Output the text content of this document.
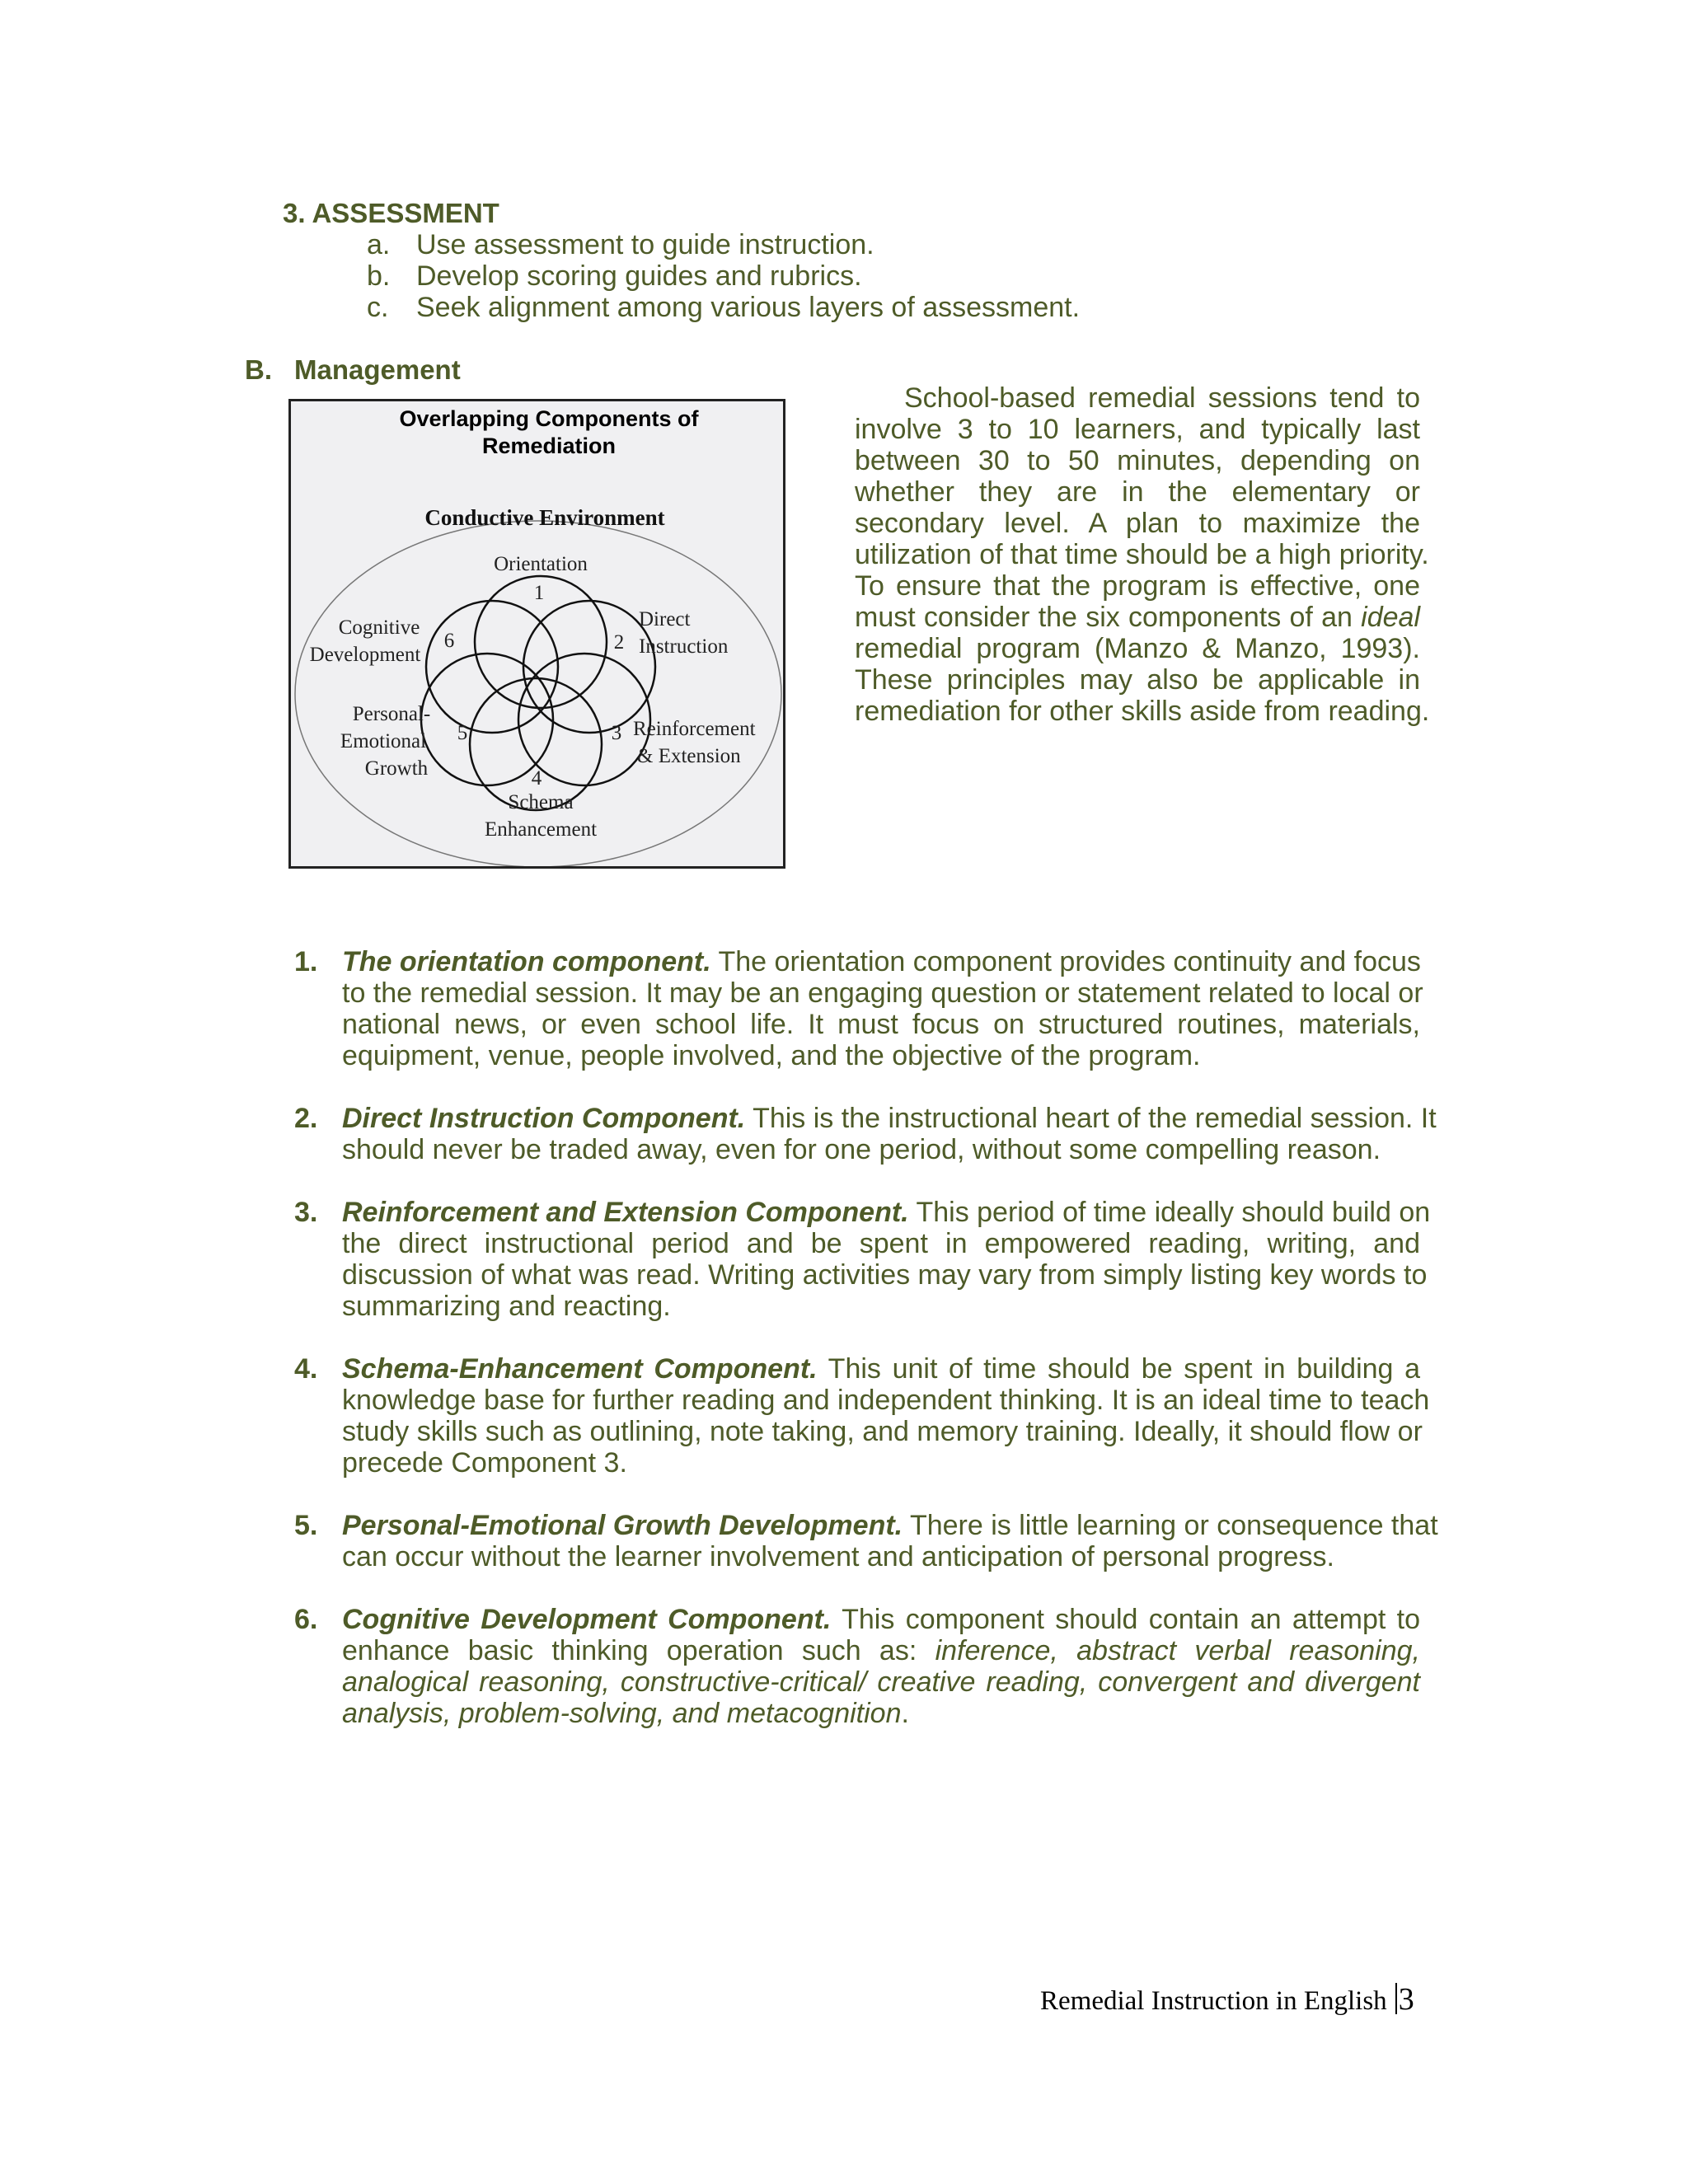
3. ASSESSMENT
a. Use assessment to guide instruction.
b. Develop scoring guides and rubrics.
c. Seek alignment among various layers of assessment.
B. Management
Overlapping Components of
Remediation
Conductive Environment
Orientation
Direct
Instruction
Cognitive
Development
Personal-
Emotional
Growth
Reinforcement
& Extension
Schema
Enhancement
1
2
3
4
5
6
School-based remedial sessions tend to
involve 3 to 10 learners, and typically last
between 30 to 50 minutes, depending on
whether they are in the elementary or
secondary level. A plan to maximize the
utilization of that time should be a high priority.
To ensure that the program is effective, one
must consider the six components of an ideal
remedial program (Manzo & Manzo, 1993).
These principles may also be applicable in
remediation for other skills aside from reading.
1. The orientation component. The orientation component provides continuity and focus
to the remedial session. It may be an engaging question or statement related to local or
national news, or even school life. It must focus on structured routines, materials,
equipment, venue, people involved, and the objective of the program.
2. Direct Instruction Component. This is the instructional heart of the remedial session. It
should never be traded away, even for one period, without some compelling reason.
3. Reinforcement and Extension Component. This period of time ideally should build on
the direct instructional period and be spent in empowered reading, writing, and
discussion of what was read. Writing activities may vary from simply listing key words to
summarizing and reacting.
4. Schema-Enhancement Component. This unit of time should be spent in building a
knowledge base for further reading and independent thinking. It is an ideal time to teach
study skills such as outlining, note taking, and memory training. Ideally, it should flow or
precede Component 3.
5. Personal-Emotional Growth Development. There is little learning or consequence that
can occur without the learner involvement and anticipation of personal progress.
6. Cognitive Development Component. This component should contain an attempt to
enhance basic thinking operation such as: inference, abstract verbal reasoning,
analogical reasoning, constructive-critical/ creative reading, convergent and divergent
analysis, problem-solving, and metacognition.
Remedial Instruction in English 3
